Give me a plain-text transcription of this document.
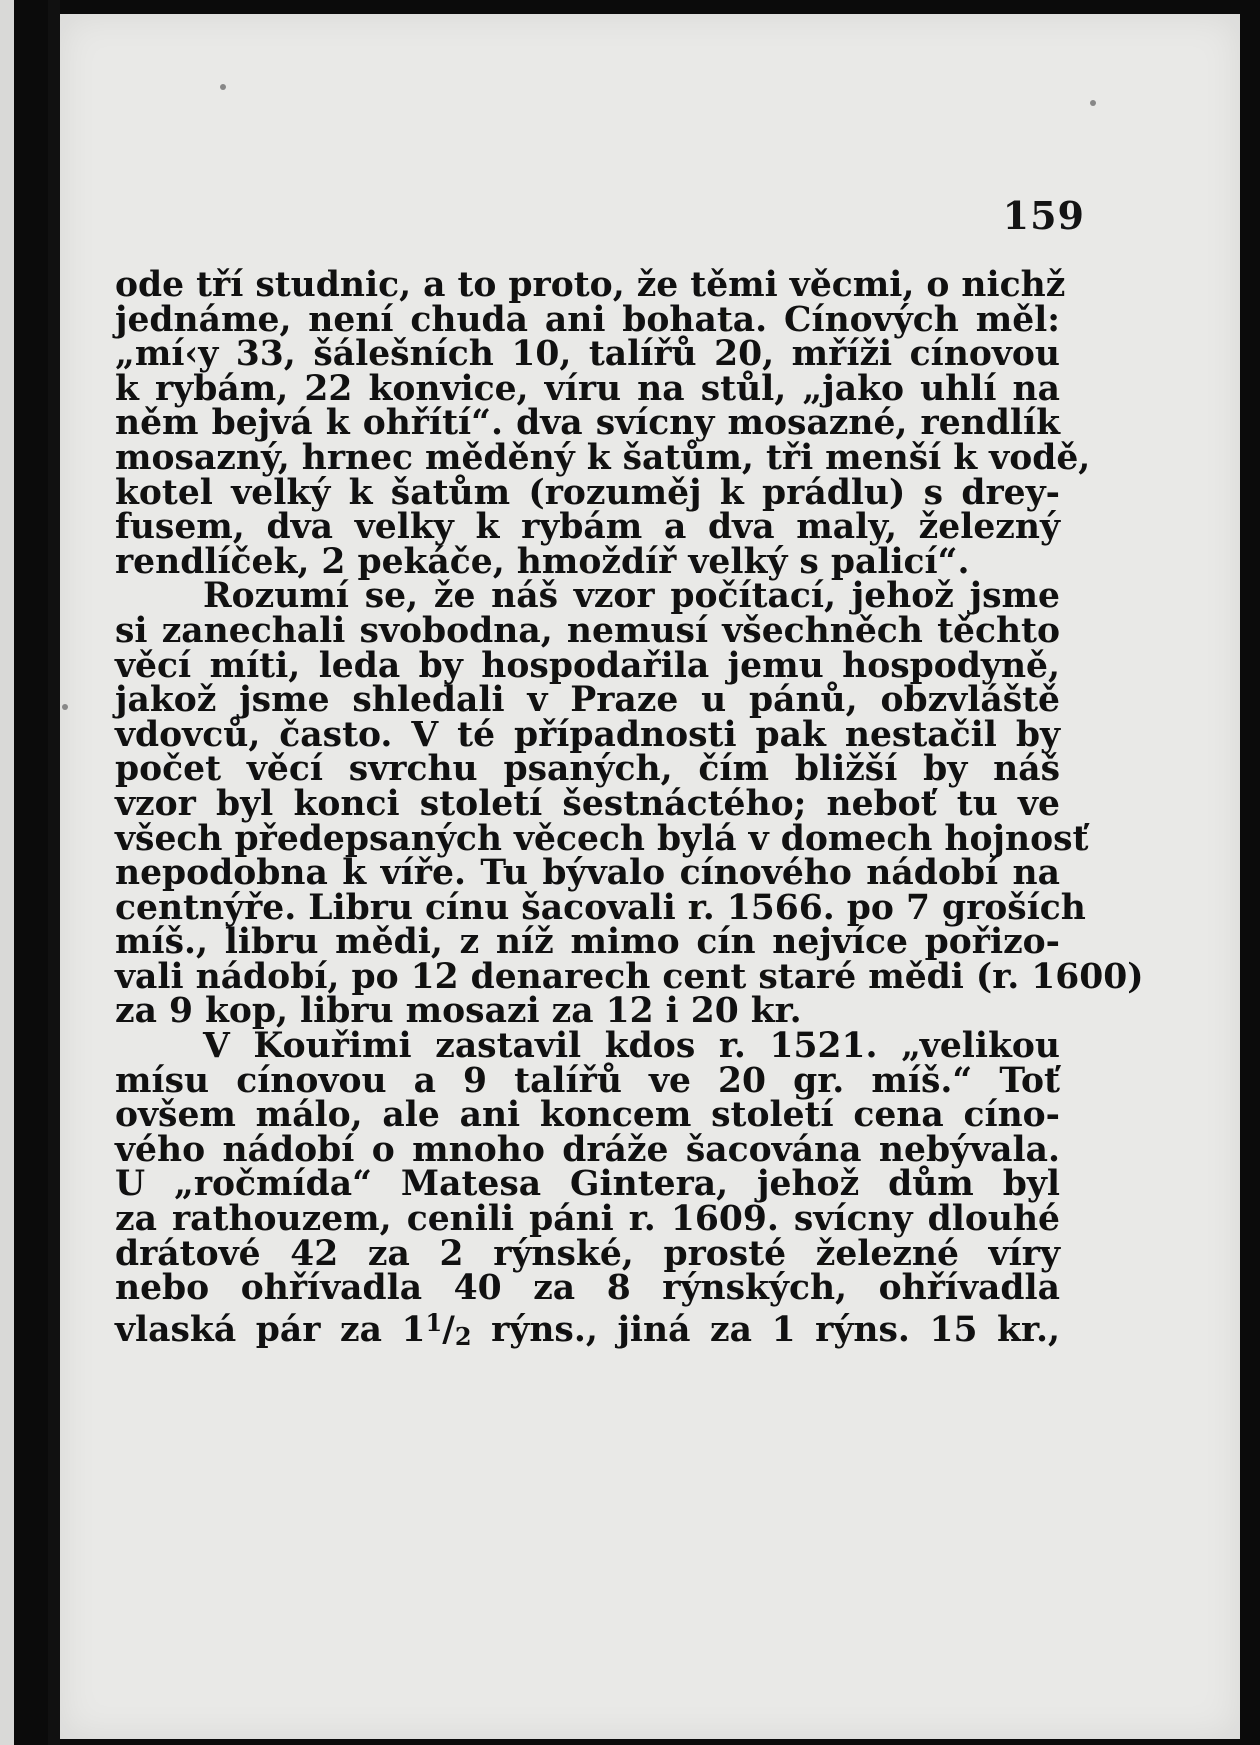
159
ode tří studnic, a to proto, že těmi věcmi, o nichž
jednáme, není chuda ani bohata. Cínových měl:
„mí‹y 33, šálešních 10, talířů 20, mříži cínovou
k rybám, 22 konvice, víru na stůl, „jako uhlí na
něm bejvá k ohřítí“. dva svícny mosazné, rendlík
mosazný, hrnec měděný k šatům, tři menší k vodě,
kotel velký k šatům (rozuměj k prádlu) s drey-
fusem, dva velky k rybám a dva maly, železný
rendlíček, 2 pekáče, hmoždíř velký s palicí“.
Rozumí se, že náš vzor počítací, jehož jsme
si zanechali svobodna, nemusí všechněch těchto
věcí míti, leda by hospodařila jemu hospodyně,
jakož jsme shledali v Praze u pánů, obzvláště
vdovců, často. V té případnosti pak nestačil by
počet věcí svrchu psaných, čím bližší by náš
vzor byl konci století šestnáctého; neboť tu ve
všech předepsaných věcech bylá v domech hojnosť
nepodobna k víře. Tu bývalo cínového nádobí na
centnýře. Libru cínu šacovali r. 1566. po 7 groších
míš., libru mědi, z níž mimo cín nejvíce pořizo-
vali nádobí, po 12 denarech cent staré mědi (r. 1600)
za 9 kop, libru mosazi za 12 i 20 kr.
V Kouřimi zastavil kdos r. 1521. „velikou
mísu cínovou a 9 talířů ve 20 gr. míš.“ Toť
ovšem málo, ale ani koncem století cena cíno-
vého nádobí o mnoho dráže šacována nebývala.
U „ročmída“ Matesa Gintera, jehož dům byl
za rathouzem, cenili páni r. 1609. svícny dlouhé
drátové 42 za 2 rýnské, prosté železné víry
nebo ohřívadla 40 za 8 rýnských, ohřívadla
vlaská pár za $1^1/2$ rýns., jiná za 1 rýns. 15 kr.,
